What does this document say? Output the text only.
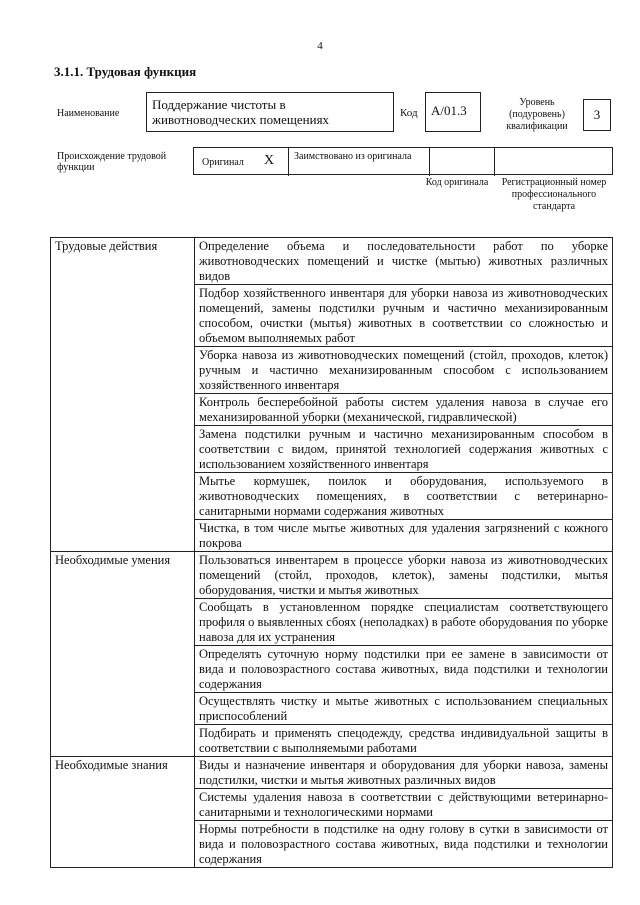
4
3.1.1. Трудовая функция
Наименование
Поддержание чистоты в животноводческих помещениях	Код	А/01.3
Уровень (подуровень) квалификации
3
Происхождение трудовой функции	Оригинал X Заимствовано из оригинала
Код оригинала	Регистрационный номер профессионального стандарта
Трудовые действия	Определение объема и последовательности работ по уборке животноводческих помещений и чистке (мытью) животных различных видов
	Подбор хозяйственного инвентаря для уборки навоза из животноводческих помещений, замены подстилки ручным и частично механизированным способом, очистки (мытья) животных в соответствии со сложностью и объемом выполняемых работ
	Уборка навоза из животноводческих помещений (стойл, проходов, клеток) ручным и частично механизированным способом с использованием хозяйственного инвентаря
	Контроль бесперебойной работы систем удаления навоза в случае его механизированной уборки (механической, гидравлической)
	Замена подстилки ручным и частично механизированным способом в соответствии с видом, принятой технологией содержания животных с использованием хозяйственного инвентаря
	Мытье кормушек, поилок и оборудования, используемого в животноводческих помещениях, в соответствии с ветеринарно-санитарными нормами содержания животных
	Чистка, в том числе мытье животных для удаления загрязнений с кожного покрова
Необходимые умения	Пользоваться инвентарем в процессе уборки навоза из животноводческих помещений (стойл, проходов, клеток), замены подстилки, мытья оборудования, чистки и мытья животных
	Сообщать в установленном порядке специалистам соответствующего профиля о выявленных сбоях (неполадках) в работе оборудования по уборке навоза для их устранения
	Определять суточную норму подстилки при ее замене в зависимости от вида и половозрастного состава животных, вида подстилки и технологии содержания
	Осуществлять чистку и мытье животных с использованием специальных приспособлений
	Подбирать и применять спецодежду, средства индивидуальной защиты в соответствии с выполняемыми работами
Необходимые знания	Виды и назначение инвентаря и оборудования для уборки навоза, замены подстилки, чистки и мытья животных различных видов
	Системы удаления навоза в соответствии с действующими ветеринарно-санитарными и технологическими нормами
	Нормы потребности в подстилке на одну голову в сутки в зависимости от вида и половозрастного состава животных, вида подстилки и технологии содержания
